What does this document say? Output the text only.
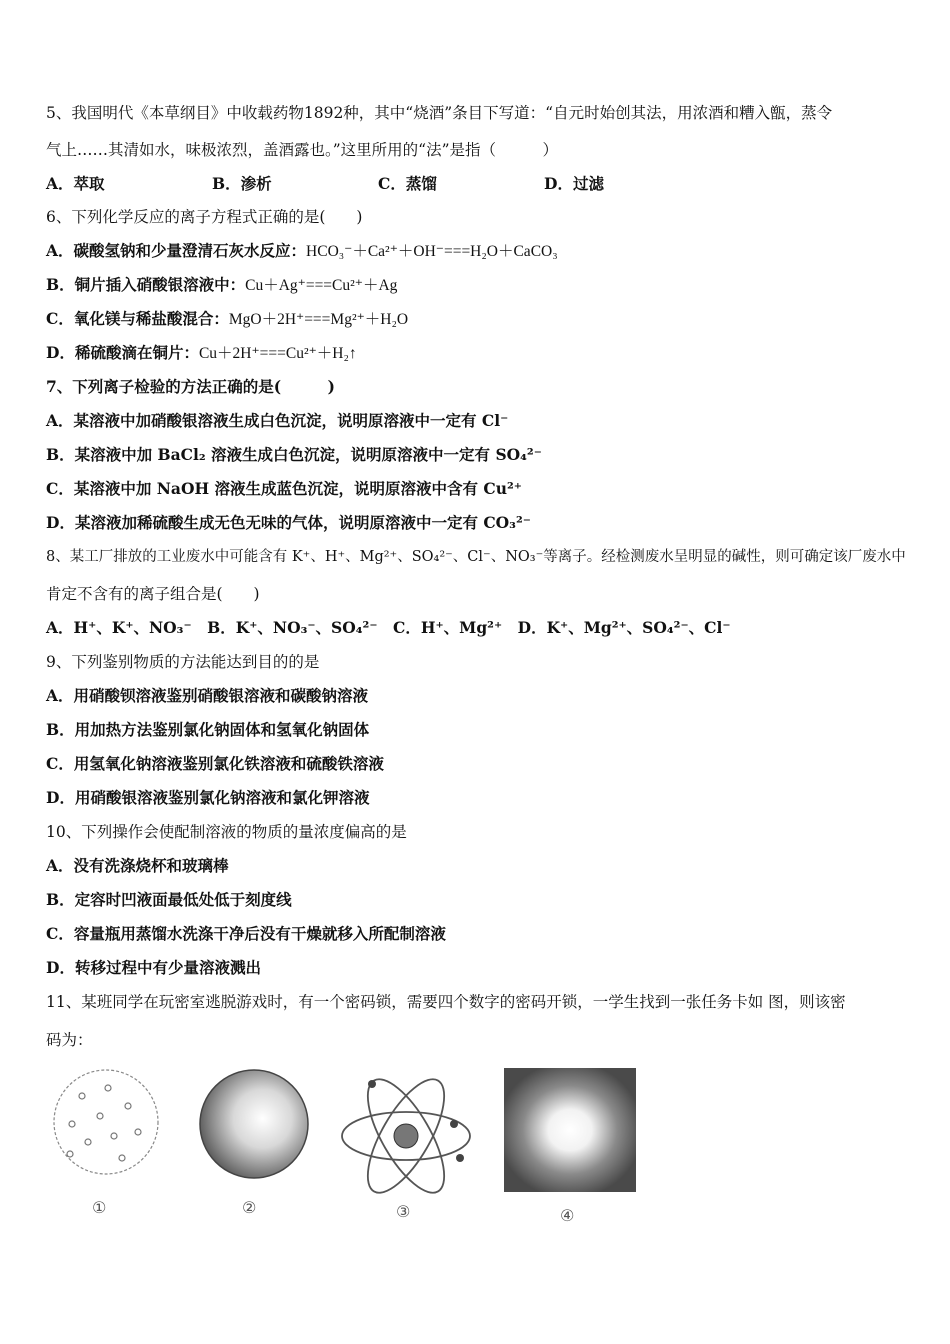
5、我国明代《本草纲目》中收载药物1892种，其中“烧酒”条目下写道：“自元时始创其法，用浓酒和糟入甑，蒸令
气上……其清如水，味极浓烈，盖酒露也。”这里所用的“法”是指（　　　）
A．萃取	B．渗析	C．蒸馏	D．过滤
6、下列化学反应的离子方程式正确的是(　　)
A．碳酸氢钠和少量澄清石灰水反应：HCO₃⁻＋Ca²⁺＋OH⁻===H₂O＋CaCO₃
B．铜片插入硝酸银溶液中：Cu＋Ag⁺===Cu²⁺＋Ag
C．氧化镁与稀盐酸混合：MgO＋2H⁺===Mg²⁺＋H₂O
D．稀硫酸滴在铜片：Cu＋2H⁺===Cu²⁺＋H₂↑
7、下列离子检验的方法正确的是(　　　)
A．某溶液中加硝酸银溶液生成白色沉淀，说明原溶液中一定有 Cl⁻
B．某溶液中加 BaCl₂ 溶液生成白色沉淀，说明原溶液中一定有 SO₄²⁻
C．某溶液中加 NaOH 溶液生成蓝色沉淀，说明原溶液中含有 Cu²⁺
D．某溶液加稀硫酸生成无色无味的气体，说明原溶液中一定有 CO₃²⁻
8、某工厂排放的工业废水中可能含有 K⁺、H⁺、Mg²⁺、SO₄²⁻、Cl⁻、NO₃⁻等离子。经检测废水呈明显的碱性，则可确定该厂废水中
肯定不含有的离子组合是(　　)
A．H⁺、K⁺、NO₃⁻　B．K⁺、NO₃⁻、SO₄²⁻　C．H⁺、Mg²⁺　D．K⁺、Mg²⁺、SO₄²⁻、Cl⁻
9、下列鉴别物质的方法能达到目的的是
A．用硝酸钡溶液鉴别硝酸银溶液和碳酸钠溶液
B．用加热方法鉴别氯化钠固体和氢氧化钠固体
C．用氢氧化钠溶液鉴别氯化铁溶液和硫酸铁溶液
D．用硝酸银溶液鉴别氯化钠溶液和氯化钾溶液
10、下列操作会使配制溶液的物质的量浓度偏高的是
A．没有洗涤烧杯和玻璃棒
B．定容时凹液面最低处低于刻度线
C．容量瓶用蒸馏水洗涤干净后没有干燥就移入所配制溶液
D．转移过程中有少量溶液溅出
11、某班同学在玩密室逃脱游戏时，有一个密码锁，需要四个数字的密码开锁，一学生找到一张任务卡如 图，则该密
码为：
①	②	③	④
